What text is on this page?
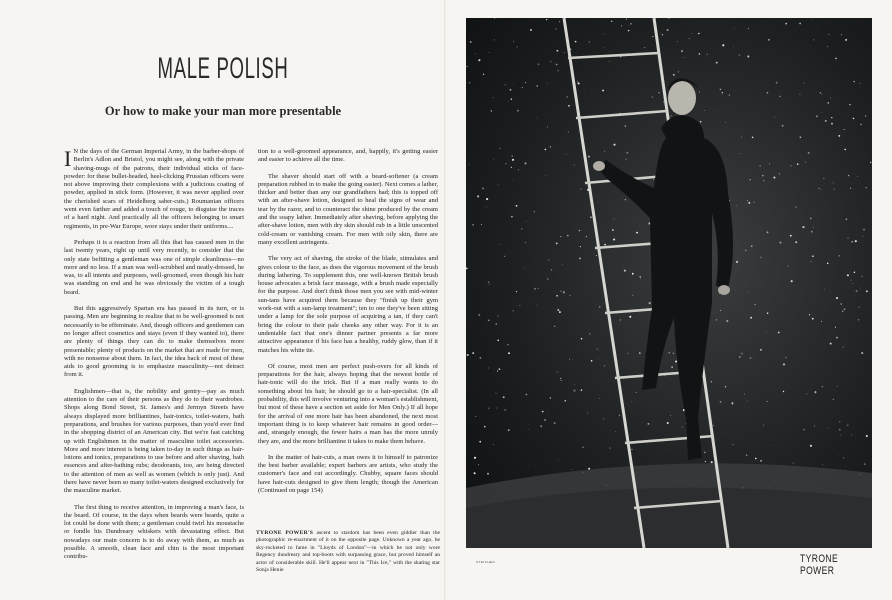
MALE POLISH
Or how to make your man more presentable

I N the days of the German Imperial Army, in the barber-shops of Berlin's Adlon and Bristol, you might see, along with the private shaving-mugs of the patrons, their individual sticks of face-powder: for these bullet-headed, heel-clicking Prussian officers were not above improving their complexions with a judicious coating of powder, applied in stick form. (However, it was never applied over the cherished scars of Heidelberg saber-cuts.) Roumanian officers went even farther and added a touch of rouge, to disguise the traces of a hard night. And practically all the officers belonging to smart regiments, in pre-War Europe, wore stays under their uniforms....

Perhaps it is a reaction from all this that has caused men in the last twenty years, right up until very recently, to consider that the only state befitting a gentleman was one of simple cleanliness—no more and no less. If a man was well-scrubbed and neatly-dressed, he was, to all intents and purposes, well-groomed, even though his hair was standing on end and he was obviously the victim of a tough beard.

But this aggressively Spartan era has passed in its turn, or is passing. Men are beginning to realize that to be well-groomed is not necessarily to be effeminate. And, though officers and gentlemen can no longer affect cosmetics and stays (even if they wanted to), there are plenty of things they can do to make themselves more presentable; plenty of products on the market that are made for men, with no nonsense about them. In fact, the idea back of most of these aids to good grooming is to emphasize masculinity—not detract from it.

Englishmen—that is, the nobility and gentry—pay as much attention to the care of their persons as they do to their wardrobes. Shops along Bond Street, St. James's and Jermyn Streets have always displayed more brilliantines, hair-tonics, toilet-waters, bath preparations, and brushes for various purposes, than you'd ever find in the shopping district of an American city. But we're fast catching up with Englishmen in the matter of masculine toilet accessories. More and more interest is being taken to-day in such things as hair-lotions and tonics, preparations to use before and after shaving, bath essences and after-bathing rubs; deodorants, too, are being directed to the attention of men as well as women (which is only just). And there have never been so many toilet-waters designed exclusively for the masculine market.

The first thing to receive attention, in improving a man's face, is the beard. Of course, in the days when beards were beards, quite a lot could be done with them; a gentleman could twirl his moustache or fondle his Dundreary whiskers with devastating effect. But nowadays our main concern is to do away with them, as much as possible. A smooth, clean face and chin is the most important contribu-

tion to a well-groomed appearance, and, happily, it's getting easier and easier to achieve all the time.

The shaver should start off with a beard-softener (a cream preparation rubbed in to make the going easier). Next comes a lather, thicker and better than any our grandfathers had; this is topped off with an after-shave lotion, designed to heal the signs of wear and tear by the razor, and to counteract the shine produced by the cream and the soapy lather. Immediately after shaving, before applying the after-shave lotion, men with dry skin should rub in a little unscented cold-cream or vanishing cream. For men with oily skin, there are many excellent astringents.

The very act of shaving, the stroke of the blade, stimulates and gives colour to the face, as does the vigorous movement of the brush during lathering. To supplement this, one well-known British brush house advocates a brisk face massage, with a brush made especially for the purpose. And don't think those men you see with mid-winter sun-tans have acquired them because they "finish up their gym work-out with a sun-lamp treatment"; ten to one they've been sitting under a lamp for the sole purpose of acquiring a tan, if they can't bring the colour to their pale cheeks any other way. For it is an undeniable fact that one's dinner partner presents a far more attractive appearance if his face has a healthy, ruddy glow, than if it matches his white tie.

Of course, most men are perfect push-overs for all kinds of preparations for the hair, always hoping that the newest bottle of hair-tonic will do the trick. But if a man really wants to do something about his hair, he should go to a hair-specialist. (In all probability, this will involve venturing into a woman's establishment, but most of these have a section set aside for Men Only.) If all hope for the arrival of one more hair has been abandoned, the next most important thing is to keep whatever hair remains in good order—and, strangely enough, the fewer hairs a man has the more unruly they are, and the more brilliantine it takes to make them behave.

In the matter of hair-cuts, a man owes it to himself to patronize the best barber available; expert barbers are artists, who study the customer's face and cut accordingly. Chubby, square faces should have hair-cuts designed to give them length; though the American (Continued on page 154)

STEICHEN

TYRONE POWER'S ascent to stardom has been even giddier than the photographic re-enactment of it on the opposite page. Unknown a year ago, he sky-rocketed to fame in "Lloyds of London"—in which he not only wore Regency dundreary and top-boots with surpassing grace, but proved himself an actor of considerable skill. He'll appear next in "This Ice," with the skating star Sonja Henie

TYRONE POWER
